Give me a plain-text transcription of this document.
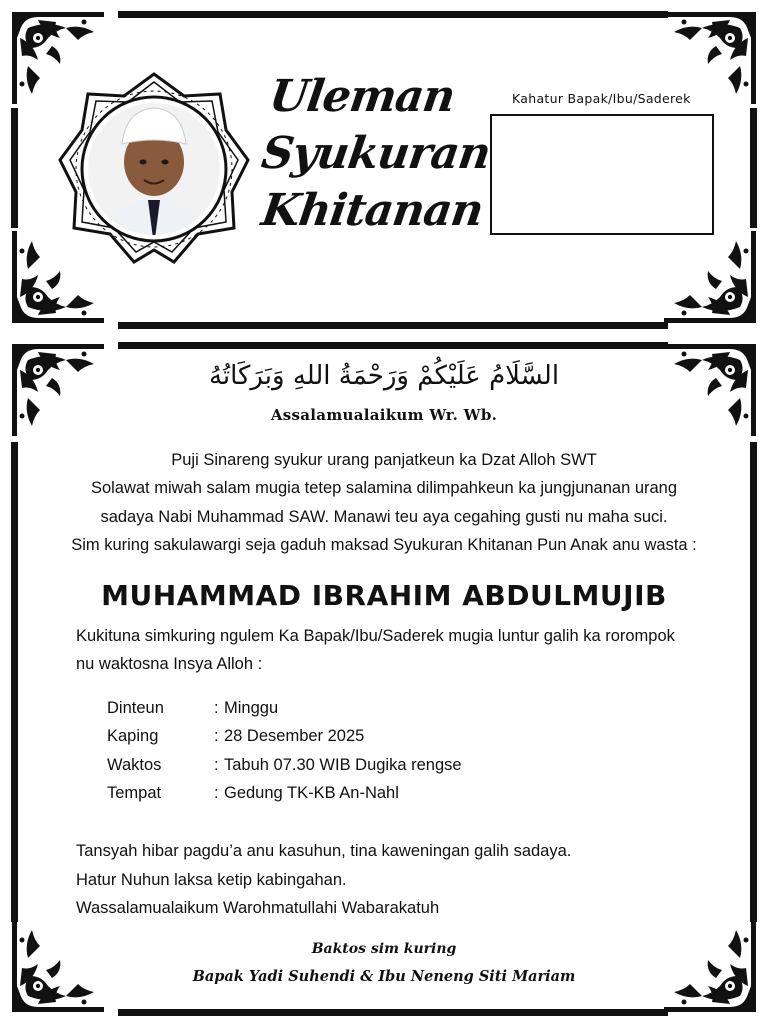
Uleman
Syukuran
Khitanan
Kahatur Bapak/Ibu/Saderek
السَّلَامُ عَلَيْكُمْ وَرَحْمَةُ اللهِ وَبَرَكَاتُهُ
Assalamualaikum Wr. Wb.
Puji Sinareng syukur urang panjatkeun ka Dzat Alloh SWT
Solawat miwah salam mugia tetep salamina dilimpahkeun ka jungjunanan urang
sadaya Nabi Muhammad SAW. Manawi teu aya cegahing gusti nu maha suci.
Sim kuring sakulawargi seja gaduh maksad Syukuran Khitanan Pun Anak anu wasta :
MUHAMMAD IBRAHIM ABDULMUJIB
Kukituna simkuring ngulem Ka Bapak/Ibu/Saderek mugia luntur galih ka rorompok
nu waktosna Insya Alloh :
Dinteun	: Minggu
Kaping	: 28 Desember 2025
Waktos	: Tabuh 07.30 WIB Dugika rengse
Tempat	: Gedung TK-KB An-Nahl
Tansyah hibar pagdu’a anu kasuhun, tina kaweningan galih sadaya.
Hatur Nuhun laksa ketip kabingahan.
Wassalamualaikum Warohmatullahi Wabarakatuh
Baktos sim kuring
Bapak Yadi Suhendi & Ibu Neneng Siti Mariam
